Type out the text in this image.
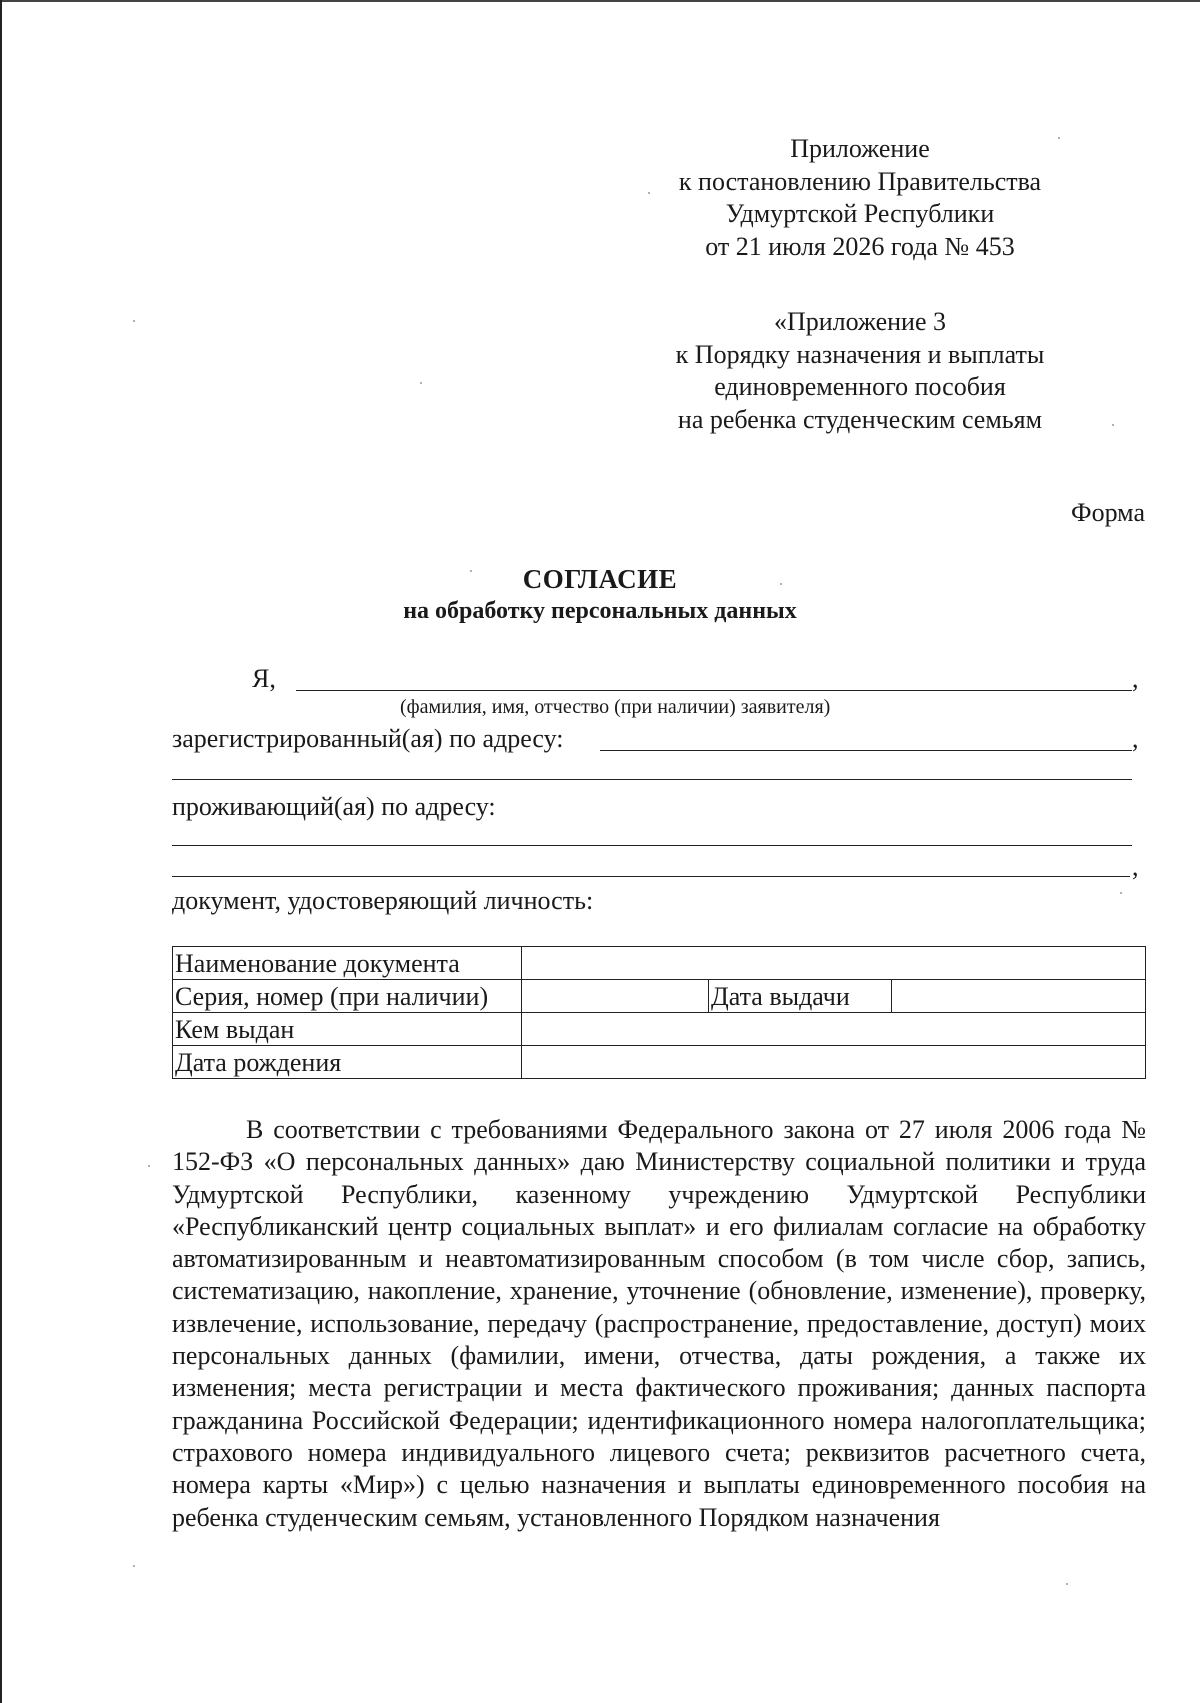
Приложение
к постановлению Правительства
Удмуртской Республики
от 21 июля 2026 года № 453
«Приложение 3
к Порядку назначения и выплаты
единовременного пособия
на ребенка студенческим семьям
Форма
СОГЛАСИЕ
на обработку персональных данных
Я,	,
(фамилия, имя, отчество (при наличии) заявителя)
зарегистрированный(ая) по адресу:	,
проживающий(ая) по адресу:
,
документ, удостоверяющий личность:
Наименование документа			
Серия, номер (при наличии)		Дата выдачи	
Кем выдан			
Дата рождения			

В соответствии с требованиями Федерального закона от 27 июля 2006 года № 152-ФЗ «О персональных данных» даю Министерству социальной политики и труда Удмуртской Республики, казенному учреждению Удмуртской Республики «Республиканский центр социальных выплат» и его филиалам согласие на обработку автоматизированным и неавтоматизированным способом (в том числе сбор, запись, систематизацию, накопление, хранение, уточнение (обновление, изменение), проверку, извлечение, использование, передачу (распространение, предоставление, доступ) моих персональных данных (фамилии, имени, отчества, даты рождения, а также их изменения; места регистрации и места фактического проживания; данных паспорта гражданина Российской Федерации; идентификационного номера налогоплательщика; страхового номера индивидуального лицевого счета; реквизитов расчетного счета, номера карты «Мир») с целью назначения и выплаты единовременного пособия на ребенка студенческим семьям, установленного Порядком назначения
